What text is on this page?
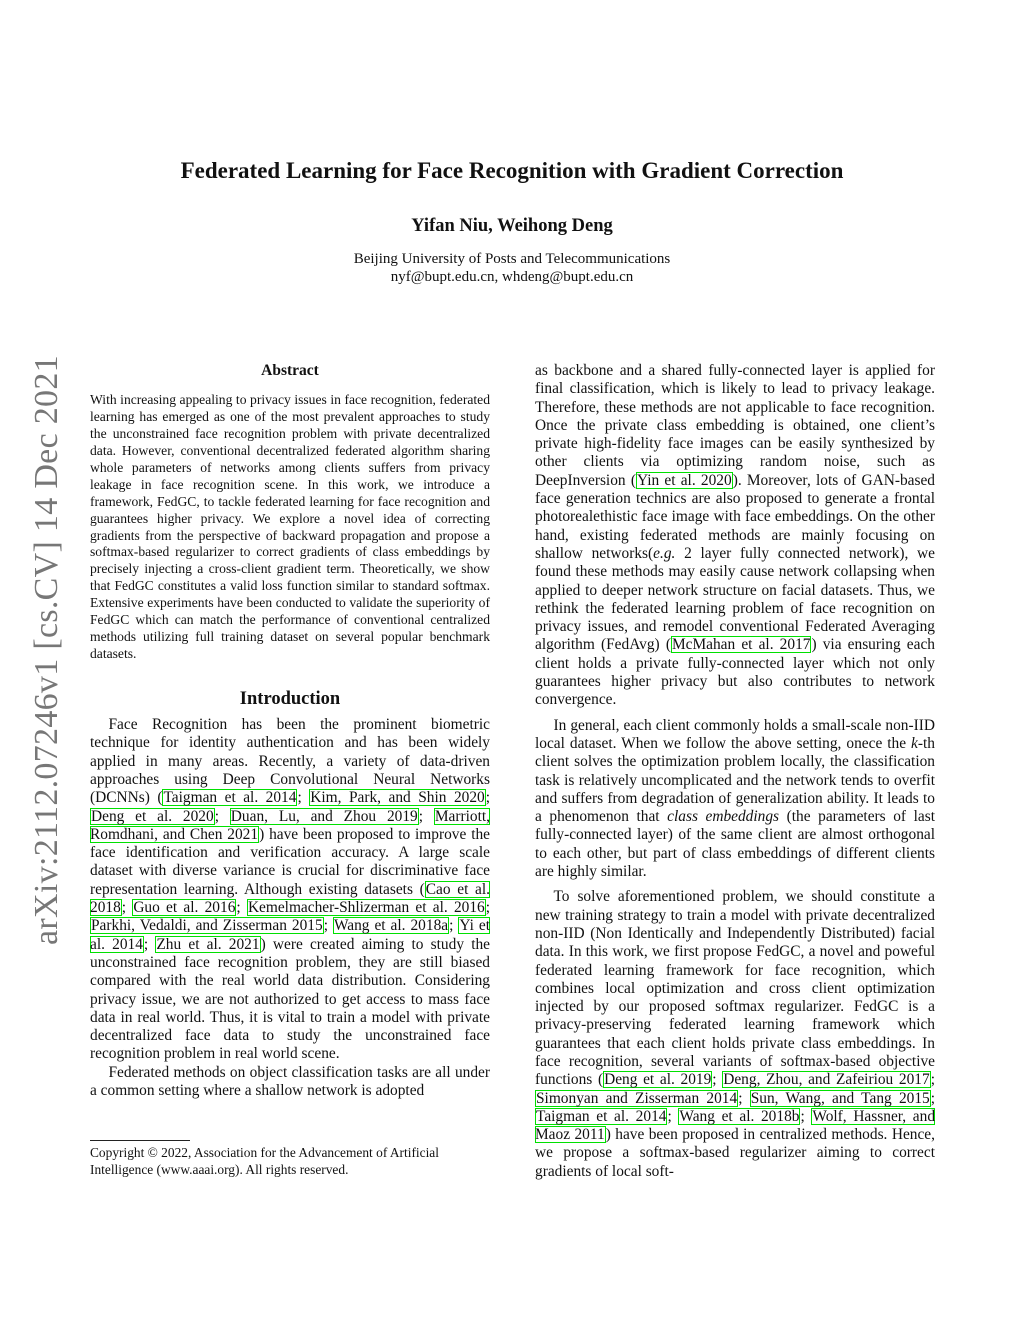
arXiv:2112.07246v1 [cs.CV] 14 Dec 2021
Federated Learning for Face Recognition with Gradient Correction
Yifan Niu, Weihong Deng
Beijing University of Posts and Telecommunications
nyf@bupt.edu.cn, whdeng@bupt.edu.cn
Abstract

With increasing appealing to privacy issues in face recognition, federated learning has emerged as one of the most prevalent approaches to study the unconstrained face recognition problem with private decentralized data. However, conventional decentralized federated algorithm sharing whole parameters of networks among clients suffers from privacy leakage in face recognition scene. In this work, we introduce a framework, FedGC, to tackle federated learning for face recognition and guarantees higher privacy. We explore a novel idea of correcting gradients from the perspective of backward propagation and propose a softmax-based regularizer to correct gradients of class embeddings by precisely injecting a cross-client gradient term. Theoretically, we show that FedGC constitutes a valid loss function similar to standard softmax. Extensive experiments have been conducted to validate the superiority of FedGC which can match the performance of conventional centralized methods utilizing full training dataset on several popular benchmark datasets.

Introduction

Face Recognition has been the prominent biometric technique for identity authentication and has been widely applied in many areas. Recently, a variety of data-driven approaches using Deep Convolutional Neural Networks (DCNNs) (Taigman et al. 2014; Kim, Park, and Shin 2020; Deng et al. 2020; Duan, Lu, and Zhou 2019; Marriott, Romdhani, and Chen 2021) have been proposed to improve the face identification and verification accuracy. A large scale dataset with diverse variance is crucial for discriminative face representation learning. Although existing datasets (Cao et al. 2018; Guo et al. 2016; Kemelmacher-Shlizerman et al. 2016; Parkhi, Vedaldi, and Zisserman 2015; Wang et al. 2018a; Yi et al. 2014; Zhu et al. 2021) were created aiming to study the unconstrained face recognition problem, they are still biased compared with the real world data distribution. Considering privacy issue, we are not authorized to get access to mass face data in real world. Thus, it is vital to train a model with private decentralized face data to study the unconstrained face recognition problem in real world scene.

Federated methods on object classification tasks are all under a common setting where a shallow network is adopted

Copyright © 2022, Association for the Advancement of Artificial Intelligence (www.aaai.org). All rights reserved.

as backbone and a shared fully-connected layer is applied for final classification, which is likely to lead to privacy leakage. Therefore, these methods are not applicable to face recognition. Once the private class embedding is obtained, one client’s private high-fidelity face images can be easily synthesized by other clients via optimizing random noise, such as DeepInversion (Yin et al. 2020). Moreover, lots of GAN-based face generation technics are also proposed to generate a frontal photorealethistic face image with face embeddings. On the other hand, existing federated methods are mainly focusing on shallow networks(e.g. 2 layer fully connected network), we found these methods may easily cause network collapsing when applied to deeper network structure on facial datasets. Thus, we rethink the federated learning problem of face recognition on privacy issues, and remodel conventional Federated Averaging algorithm (FedAvg) (McMahan et al. 2017) via ensuring each client holds a private fully-connected layer which not only guarantees higher privacy but also contributes to network convergence.

In general, each client commonly holds a small-scale non-IID local dataset. When we follow the above setting, onece the k-th client solves the optimization problem locally, the classification task is relatively uncomplicated and the network tends to overfit and suffers from degradation of generalization ability. It leads to a phenomenon that class embeddings (the parameters of last fully-connected layer) of the same client are almost orthogonal to each other, but part of class embeddings of different clients are highly similar.

To solve aforementioned problem, we should constitute a new training strategy to train a model with private decentralized non-IID (Non Identically and Independently Distributed) facial data. In this work, we first propose FedGC, a novel and poweful federated learning framework for face recognition, which combines local optimization and cross client optimization injected by our proposed softmax regularizer. FedGC is a privacy-preserving federated learning framework which guarantees that each client holds private class embeddings. In face recognition, several variants of softmax-based objective functions (Deng et al. 2019; Deng, Zhou, and Zafeiriou 2017; Simonyan and Zisserman 2014; Sun, Wang, and Tang 2015; Taigman et al. 2014; Wang et al. 2018b; Wolf, Hassner, and Maoz 2011) have been proposed in centralized methods. Hence, we propose a softmax-based regularizer aiming to correct gradients of local soft-
